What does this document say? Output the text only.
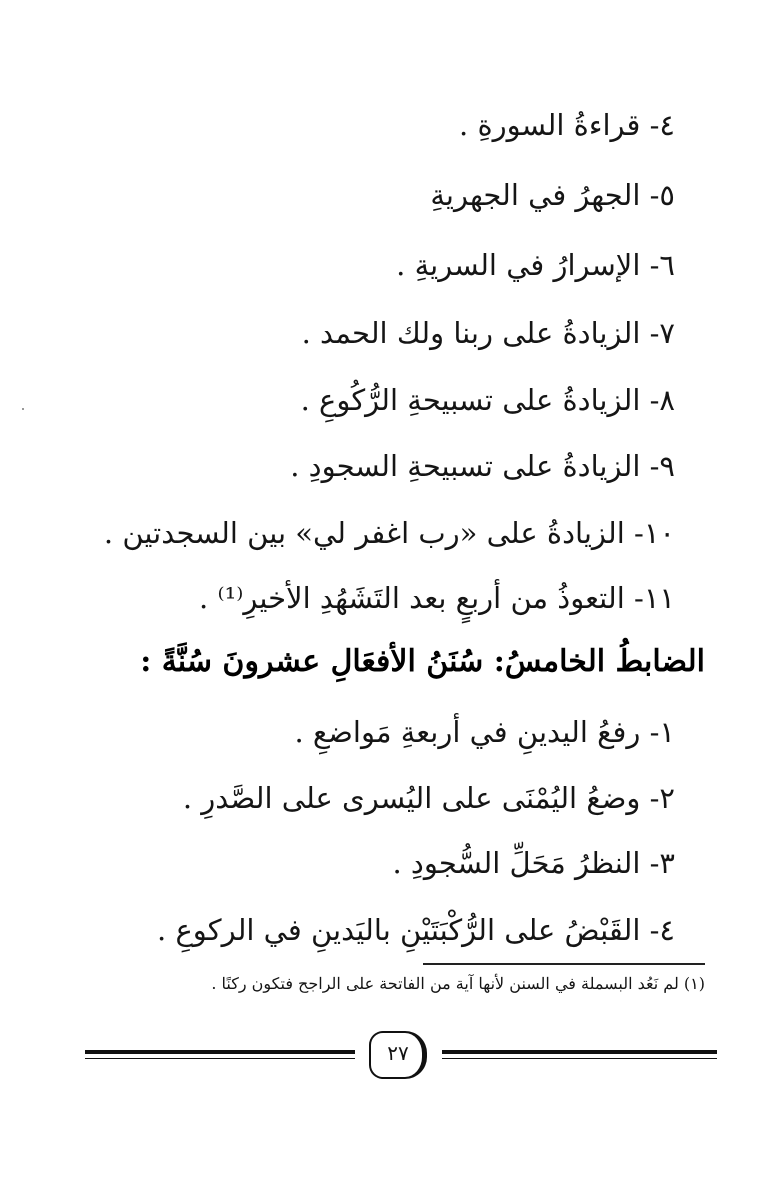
٤- قراءةُ السورةِ .
٥- الجهرُ في الجهريةِ
٦- الإسرارُ في السريةِ .
٧- الزيادةُ على ربنا ولك الحمد .
٨- الزيادةُ على تسبيحةِ الرُّكُوعِ .
٩- الزيادةُ على تسبيحةِ السجودِ .
١٠- الزيادةُ على «رب اغفر لي» بين السجدتين .
١١- التعوذُ من أربعٍ بعد التَشَهُدِ الأخيرِ⁽¹⁾ .
الضابطُ الخامسُ: سُنَنُ الأفعَالِ عشرونَ سُنَّةً :
١- رفعُ اليدينِ في أربعةِ مَواضعِ .
٢- وضعُ اليُمْنَى على اليُسرى على الصَّدرِ .
٣- النظرُ مَحَلِّ السُّجودِ .
٤- القَبْضُ على الرُّكْبَتَيْنِ باليَدينِ في الركوعِ .
(١) لم نَعُد البسملة في السنن لأنها آية من الفاتحة على الراجح فتكون ركنًا .
٢٧
